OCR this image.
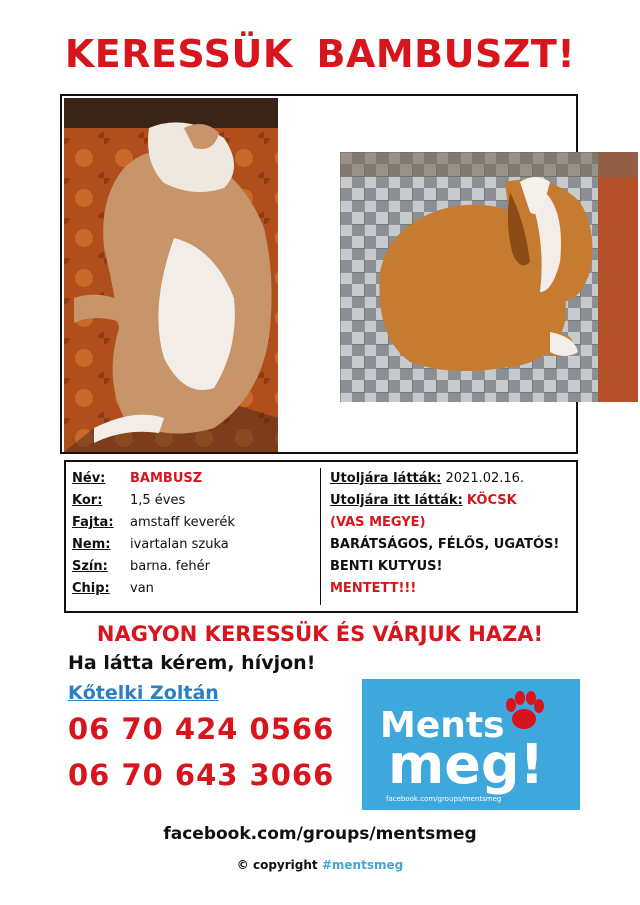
KERESSÜK BAMBUSZT!
Név:	BAMBUSZ
Kor:	1,5 éves
Fajta:	amstaff keverék
Nem:	ivartalan szuka
Szín:	barna. fehér
Chip:	van
Utoljára látták: 2021.02.16.
Utoljára itt látták: KÖCSK
(VAS MEGYE)
BARÁTSÁGOS, FÉLŐS, UGATÓS!
BENTI KUTYUS!
MENTETT!!!
NAGYON KERESSÜK ÉS VÁRJUK HAZA!
Ha látta kérem, hívjon!
Kőtelki Zoltán
06 70 424 0566
06 70 643 3066
Ments
meg!
facebook.com/groups/mentsmeg
facebook.com/groups/mentsmeg
© copyright #mentsmeg
